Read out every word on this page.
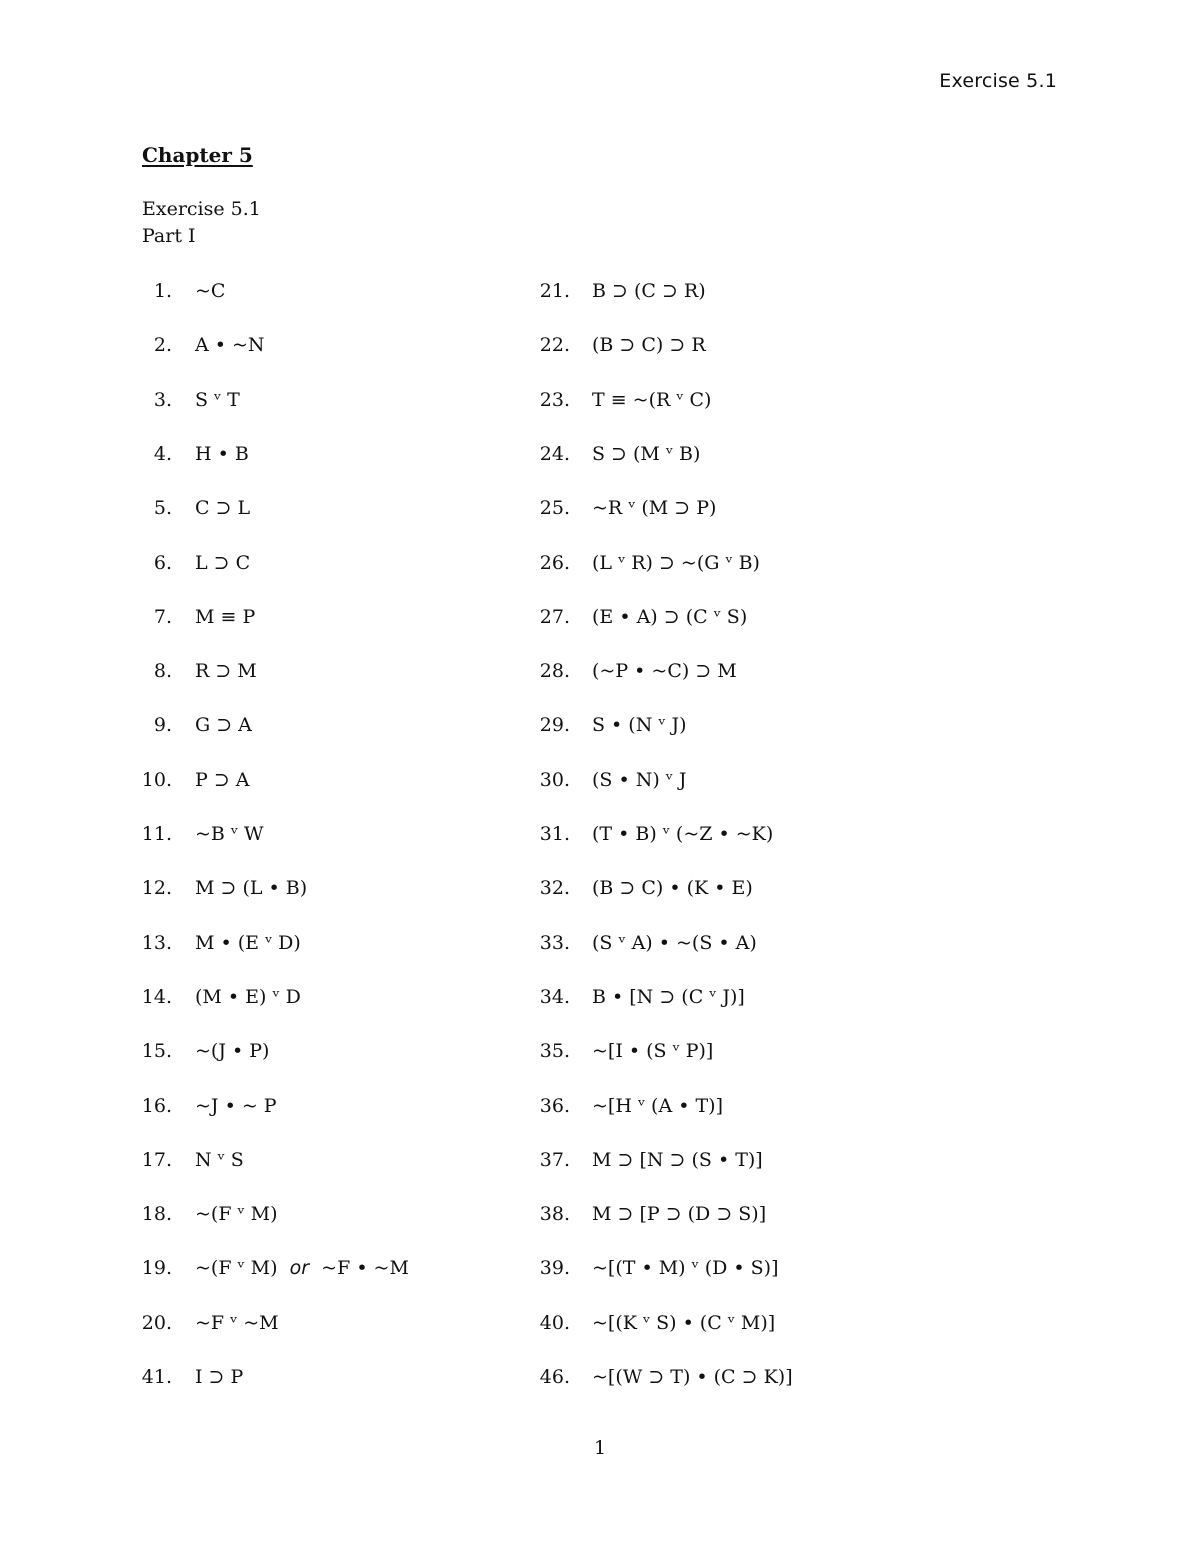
Exercise 5.1
Chapter 5
Exercise 5.1
Part I
1. ~C	21. B ⊃ (C ⊃ R)
2. A • ~N	22. (B ⊃ C) ⊃ R
3. S ᵛ T	23. T ≡ ~(R ᵛ C)
4. H • B	24. S ⊃ (M ᵛ B)
5. C ⊃ L	25. ~R ᵛ (M ⊃ P)
6. L ⊃ C	26. (L ᵛ R) ⊃ ~(G ᵛ B)
7. M ≡ P	27. (E • A) ⊃ (C ᵛ S)
8. R ⊃ M	28. (~P • ~C) ⊃ M
9. G ⊃ A	29. S • (N ᵛ J)
10. P ⊃ A	30. (S • N) ᵛ J
11. ~B ᵛ W	31. (T • B) ᵛ (~Z • ~K)
12. M ⊃ (L • B)	32. (B ⊃ C) • (K • E)
13. M • (E ᵛ D)	33. (S ᵛ A) • ~(S • A)
14. (M • E) ᵛ D	34. B • [N ⊃ (C ᵛ J)]
15. ~(J • P)	35. ~[I • (S ᵛ P)]
16. ~J • ~ P	36. ~[H ᵛ (A • T)]
17. N ᵛ S	37. M ⊃ [N ⊃ (S • T)]
18. ~(F ᵛ M)	38. M ⊃ [P ⊃ (D ⊃ S)]
19. ~(F ᵛ M) or ~F • ~M	39. ~[(T • M) ᵛ (D • S)]
20. ~F ᵛ ~M	40. ~[(K ᵛ S) • (C ᵛ M)]
41. I ⊃ P	46. ~[(W ⊃ T) • (C ⊃ K)]
1
